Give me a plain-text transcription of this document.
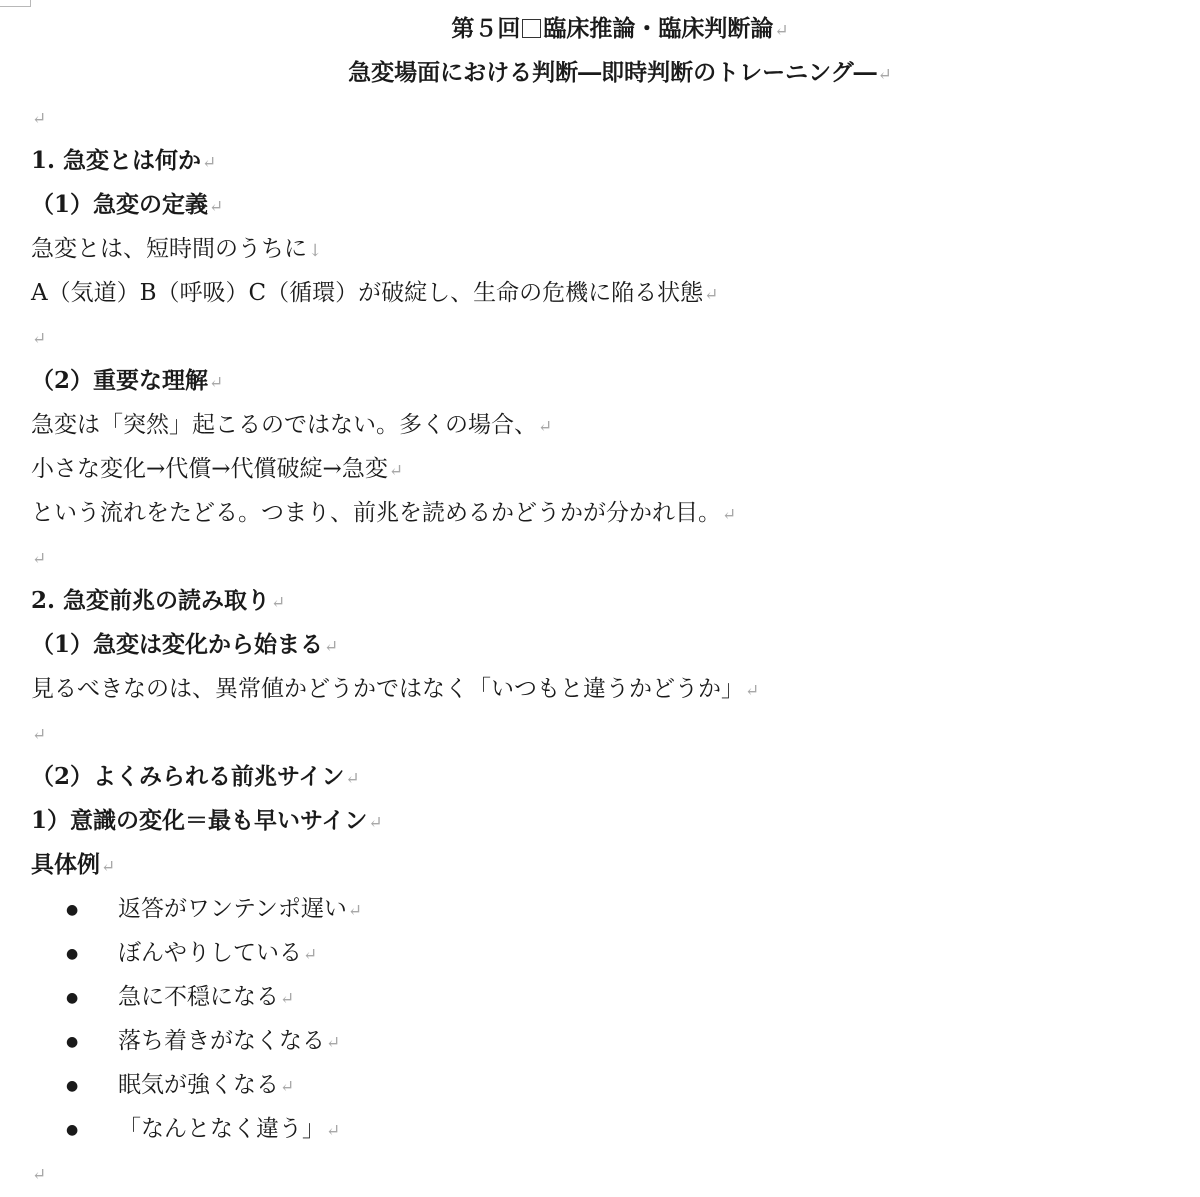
第５回 臨床推論・臨床判断論↵
急変場面における判断―即時判断のトレーニング―↵
↵
1. 急変とは何か↵
（1）急変の定義↵
急変とは、短時間のうちに↓
A（気道）B（呼吸）C（循環）が破綻し、生命の危機に陥る状態↵
↵
（2）重要な理解↵
急変は「突然」起こるのではない。多くの場合、↵
小さな変化→代償→代償破綻→急変↵
という流れをたどる。つまり、前兆を読めるかどうかが分かれ目。↵
↵
2. 急変前兆の読み取り↵
（1）急変は変化から始まる↵
見るべきなのは、異常値かどうかではなく「いつもと違うかどうか」↵
↵
（2）よくみられる前兆サイン↵
1）意識の変化＝最も早いサイン↵
具体例↵
● 返答がワンテンポ遅い↵
● ぼんやりしている↵
● 急に不穏になる↵
● 落ち着きがなくなる↵
● 眠気が強くなる↵
● 「なんとなく違う」↵
↵
